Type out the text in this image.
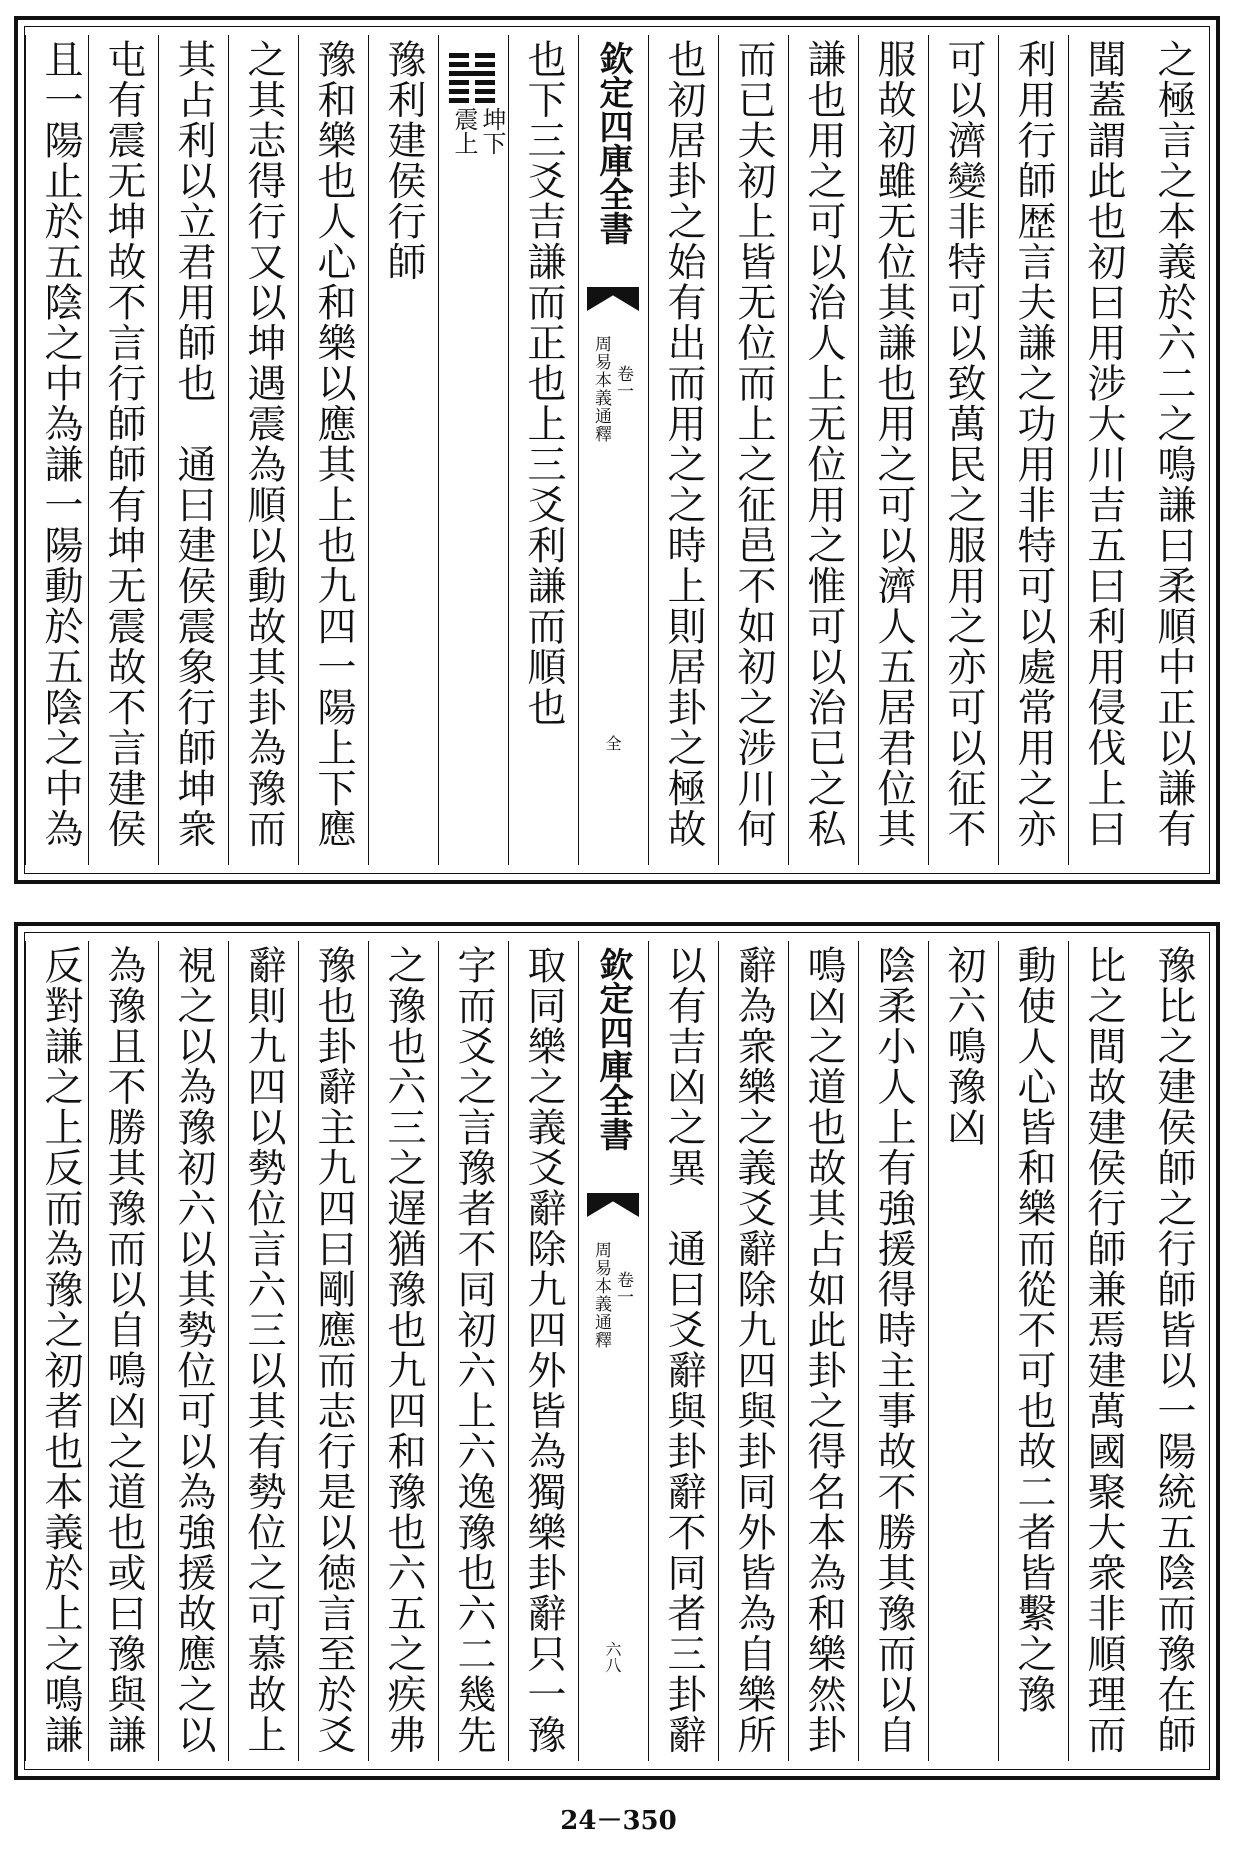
之極言之本義於六二之鳴謙曰柔順中正以謙有
聞蓋謂此也初曰用涉大川吉五曰利用侵伐上曰
利用行師歴言夫謙之功用非特可以處常用之亦
可以濟變非特可以致萬民之服用之亦可以征不
服故初雖无位其謙也用之可以濟人五居君位其
謙也用之可以治人上无位用之惟可以治已之私
而已夫初上皆无位而上之征邑不如初之涉川何
也初居卦之始有出而用之之時上則居卦之極故
欽定四庫全書
周易本義通釋 卷一
全
也下三爻吉謙而正也上三爻利謙而順也
坤下
震上
豫利建侯行師
豫和樂也人心和樂以應其上也九四一陽上下應
之其志得行又以坤遇震為順以動故其卦為豫而
其占利以立君用師也　通曰建侯震象行師坤衆
屯有震无坤故不言行師師有坤无震故不言建侯
且一陽止於五陰之中為謙一陽動於五陰之中為
豫比之建侯師之行師皆以一陽統五陰而豫在師
比之間故建侯行師兼焉建萬國聚大衆非順理而
動使人心皆和樂而從不可也故二者皆繫之豫
初六鳴豫凶
陰柔小人上有強援得時主事故不勝其豫而以自
鳴凶之道也故其占如此卦之得名本為和樂然卦
辭為衆樂之義爻辭除九四與卦同外皆為自樂所
以有吉凶之異　通曰爻辭與卦辭不同者三卦辭
欽定四庫全書
周易本義通釋 卷一
六八
取同樂之義爻辭除九四外皆為獨樂卦辭只一豫
字而爻之言豫者不同初六上六逸豫也六二幾先
之豫也六三之遅猶豫也九四和豫也六五之疾弗
豫也卦辭主九四曰剛應而志行是以徳言至於爻
辭則九四以勢位言六三以其有勢位之可慕故上
視之以為豫初六以其勢位可以為強援故應之以
為豫且不勝其豫而以自鳴凶之道也或曰豫與謙
反對謙之上反而為豫之初者也本義於上之鳴謙
24－350
